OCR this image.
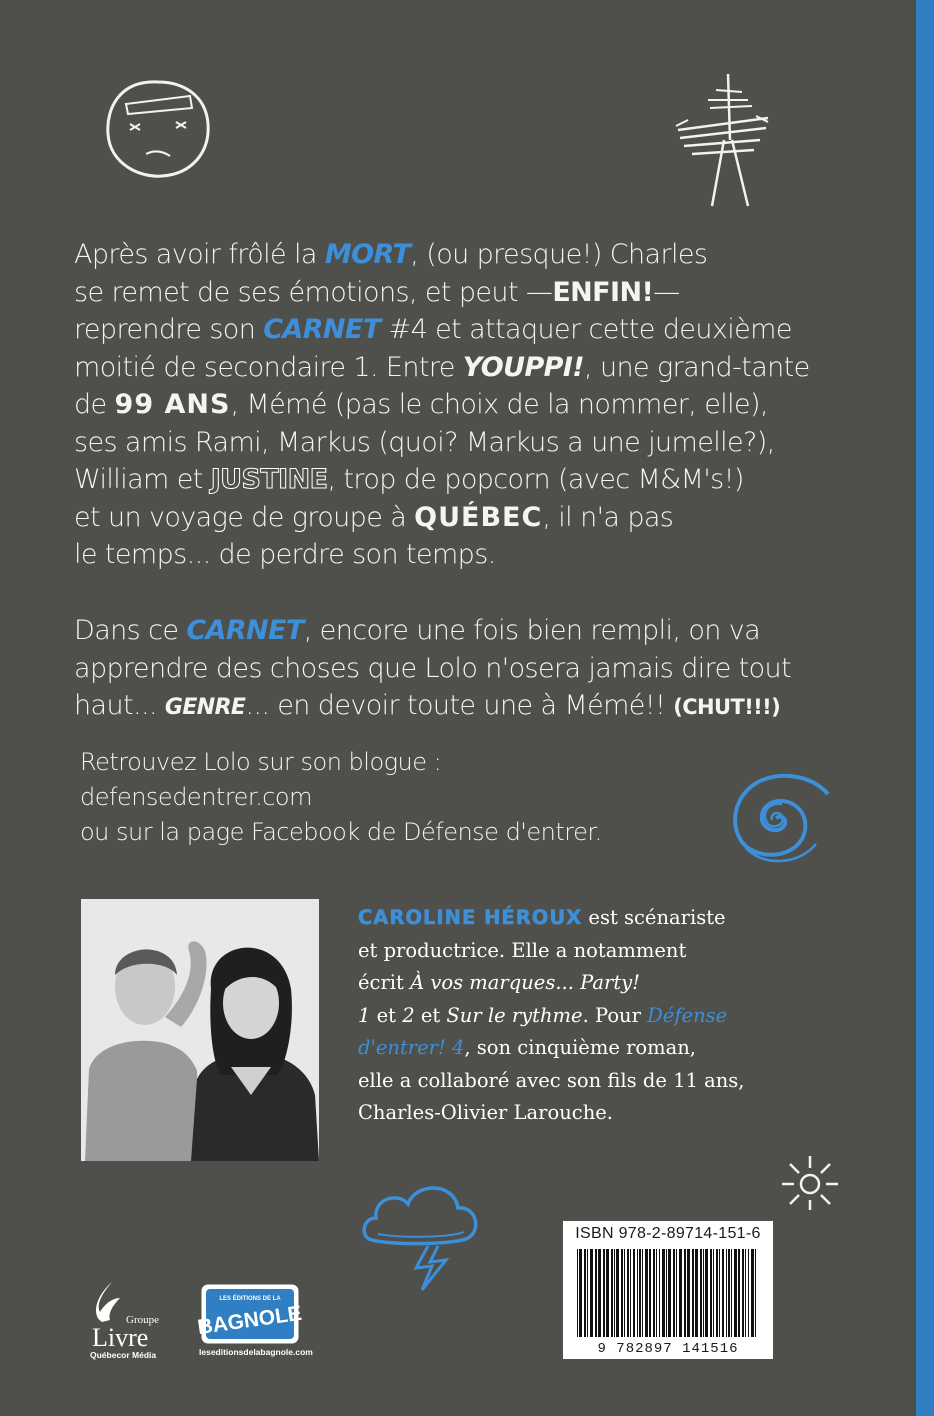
Après avoir frôlé la MORT, (ou presque!) Charles
se remet de ses émotions, et peut —ENFIN!—
reprendre son CARNET #4 et attaquer cette deuxième
moitié de secondaire 1. Entre YOUPPI!, une grand-tante
de 99 ANS, Mémé (pas le choix de la nommer, elle),
ses amis Rami, Markus (quoi? Markus a une jumelle?),
William et JUSTINE, trop de popcorn (avec M&M's!)
et un voyage de groupe à QUÉBEC, il n'a pas
le temps... de perdre son temps.
Dans ce CARNET, encore une fois bien rempli, on va
apprendre des choses que Lolo n'osera jamais dire tout
haut... GENRE... en devoir toute une à Mémé!! (CHUT!!!)
Retrouvez Lolo sur son blogue :
defensedentrer.com
ou sur la page Facebook de Défense d'entrer.
CAROLINE HÉROUX est scénariste
et productrice. Elle a notamment
écrit À vos marques... Party!
1 et 2 et Sur le rythme. Pour Défense
d'entrer! 4, son cinquième roman,
elle a collaboré avec son fils de 11 ans,
Charles-Olivier Larouche.
ISBN 978-2-89714-151-6
9 782897 141516
Groupe
Livre
Québecor Média
LES ÉDITIONS DE LA
BAGNOLE
leseditionsdelabagnole.com
